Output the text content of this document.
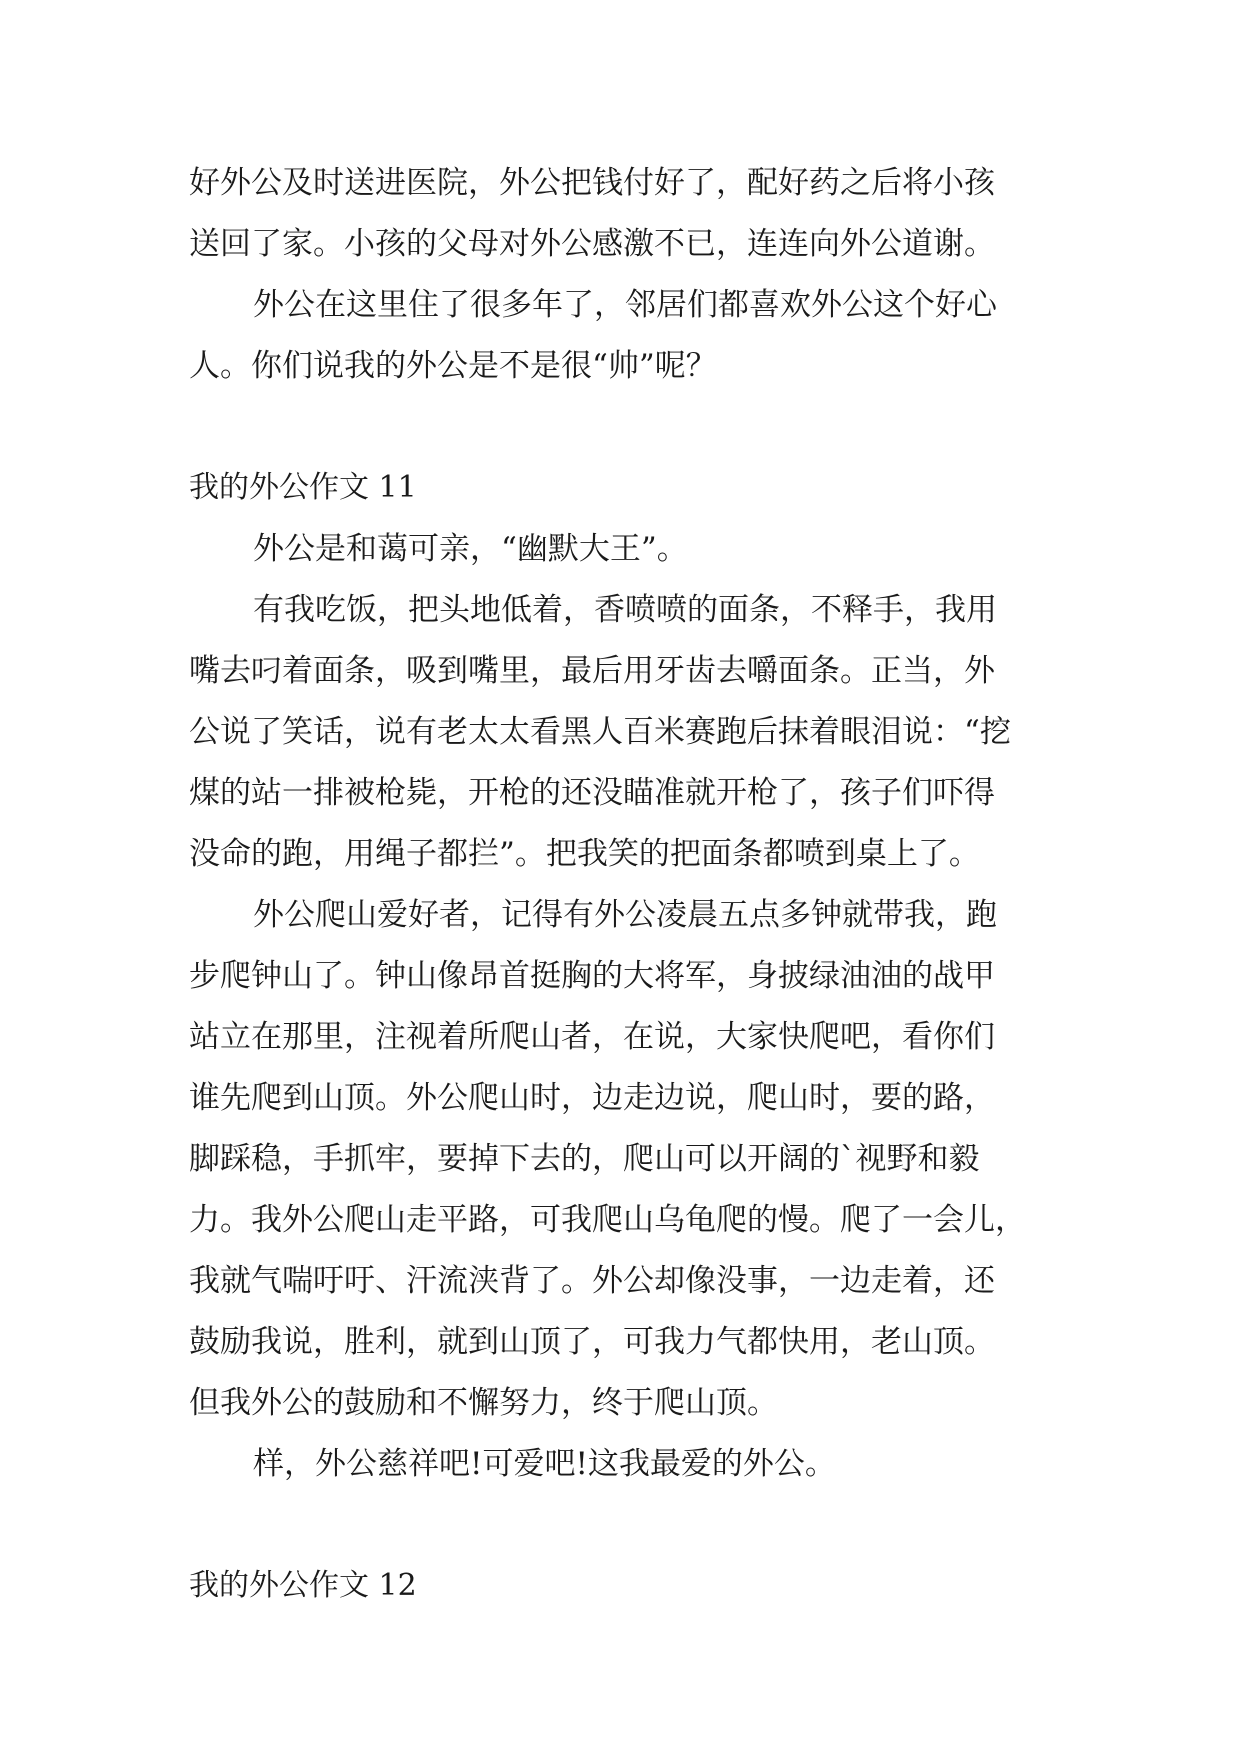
好外公及时送进医院，外公把钱付好了，配好药之后将小孩
送回了家。小孩的父母对外公感激不已，连连向外公道谢。
外公在这里住了很多年了，邻居们都喜欢外公这个好心
人。你们说我的外公是不是很“帅”呢？
我的外公作文 11
外公是和蔼可亲，“幽默大王”。
有我吃饭，把头地低着，香喷喷的面条，不释手，我用
嘴去叼着面条，吸到嘴里，最后用牙齿去嚼面条。正当，外
公说了笑话，说有老太太看黑人百米赛跑后抹着眼泪说：“挖
煤的站一排被枪毙，开枪的还没瞄准就开枪了，孩子们吓得
没命的跑，用绳子都拦”。把我笑的把面条都喷到桌上了。
外公爬山爱好者，记得有外公凌晨五点多钟就带我，跑
步爬钟山了。钟山像昂首挺胸的大将军，身披绿油油的战甲
站立在那里，注视着所爬山者，在说，大家快爬吧，看你们
谁先爬到山顶。外公爬山时，边走边说，爬山时，要的路，
脚踩稳，手抓牢，要掉下去的，爬山可以开阔的`视野和毅
力。我外公爬山走平路，可我爬山乌龟爬的慢。爬了一会儿，
我就气喘吁吁、汗流浃背了。外公却像没事，一边走着，还
鼓励我说，胜利，就到山顶了，可我力气都快用，老山顶。
但我外公的鼓励和不懈努力，终于爬山顶。
样，外公慈祥吧!可爱吧!这我最爱的外公。
我的外公作文 12
